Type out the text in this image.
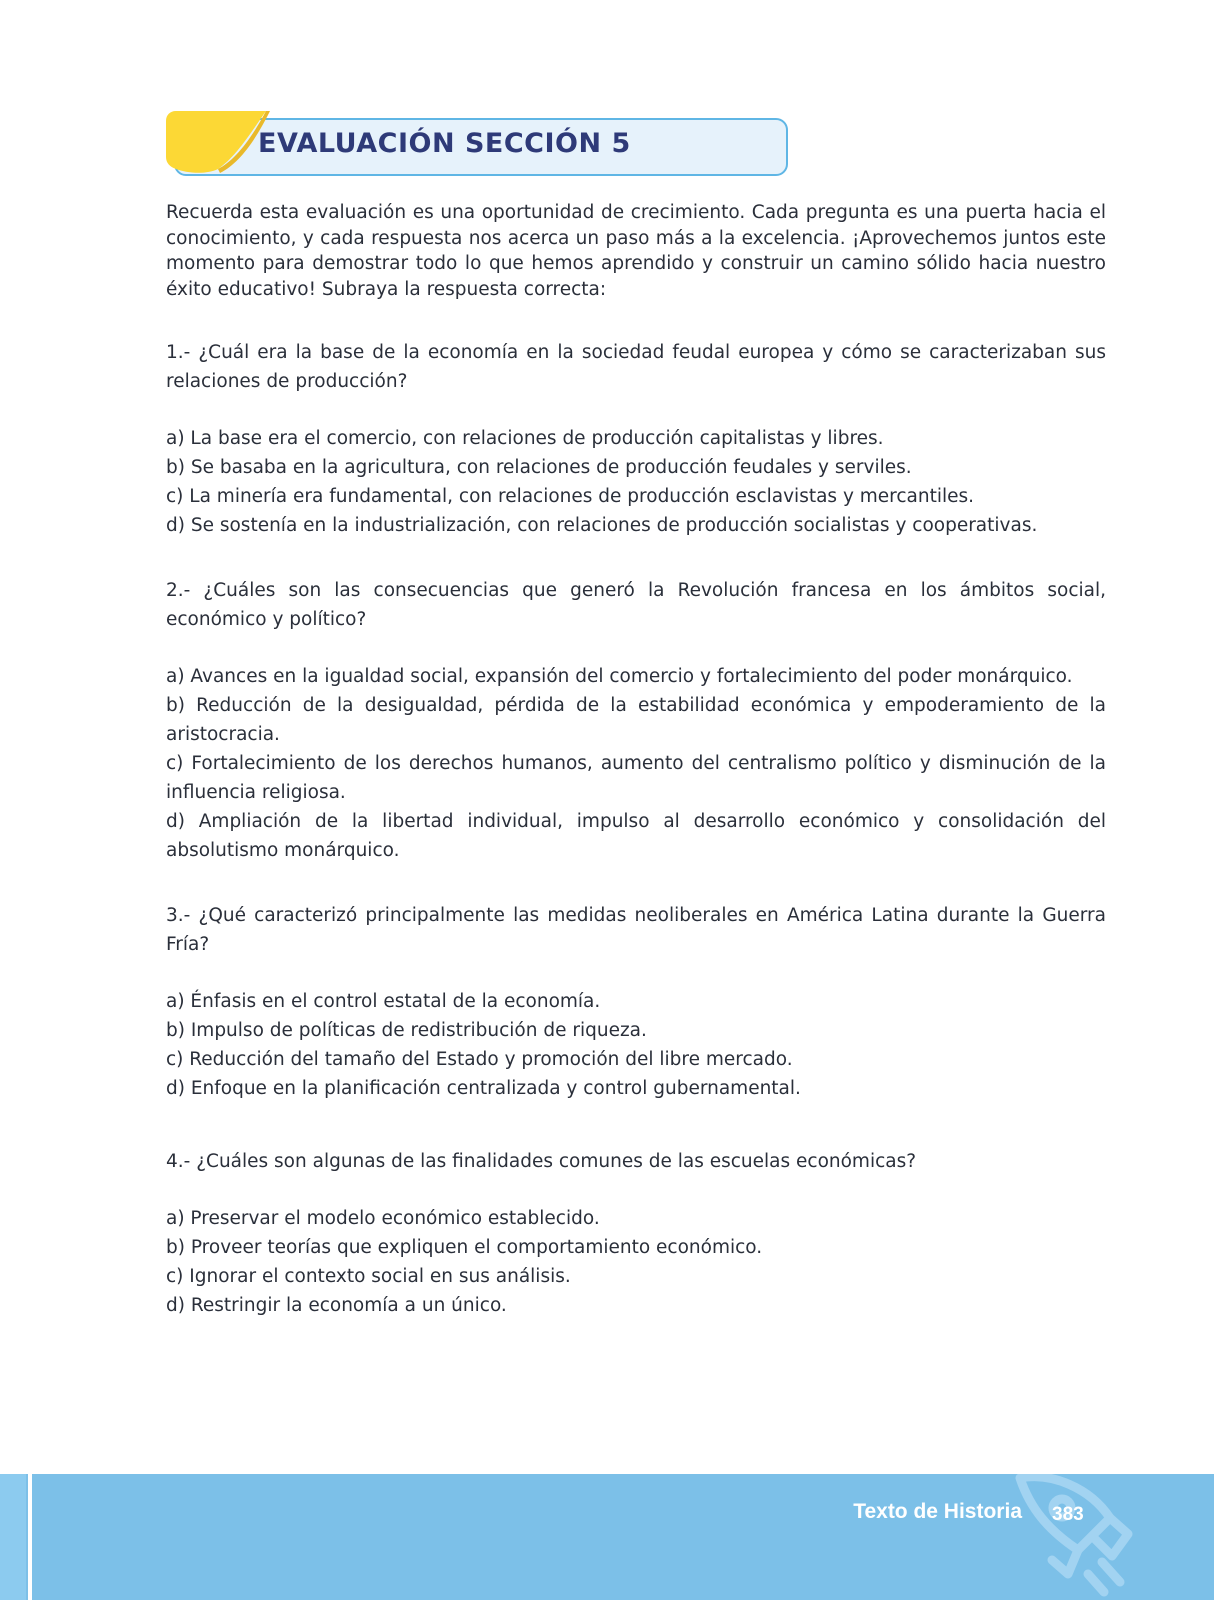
EVALUACIÓN SECCIÓN 5

Recuerda esta evaluación es una oportunidad de crecimiento. Cada pregunta es una puerta hacia el conocimiento, y cada respuesta nos acerca un paso más a la excelencia. ¡Aprovechemos juntos este momento para demostrar todo lo que hemos aprendido y construir un camino sólido hacia nuestro éxito educativo! Subraya la respuesta correcta:

1.- ¿Cuál era la base de la economía en la sociedad feudal europea y cómo se caracterizaban sus relaciones de producción?

a) La base era el comercio, con relaciones de producción capitalistas y libres.
b) Se basaba en la agricultura, con relaciones de producción feudales y serviles.
c) La minería era fundamental, con relaciones de producción esclavistas y mercantiles.
d) Se sostenía en la industrialización, con relaciones de producción socialistas y cooperativas.

2.- ¿Cuáles son las consecuencias que generó la Revolución francesa en los ámbitos social, económico y político?

a) Avances en la igualdad social, expansión del comercio y fortalecimiento del poder monárquico.
b) Reducción de la desigualdad, pérdida de la estabilidad económica y empoderamiento de la aristocracia.
c) Fortalecimiento de los derechos humanos, aumento del centralismo político y disminución de la influencia religiosa.
d) Ampliación de la libertad individual, impulso al desarrollo económico y consolidación del absolutismo monárquico.

3.- ¿Qué caracterizó principalmente las medidas neoliberales en América Latina durante la Guerra Fría?

a) Énfasis en el control estatal de la economía.
b) Impulso de políticas de redistribución de riqueza.
c) Reducción del tamaño del Estado y promoción del libre mercado.
d) Enfoque en la planificación centralizada y control gubernamental.

4.- ¿Cuáles son algunas de las finalidades comunes de las escuelas económicas?

a) Preservar el modelo económico establecido.
b) Proveer teorías que expliquen el comportamiento económico.
c) Ignorar el contexto social en sus análisis.
d) Restringir la economía a un único.
Texto de Historia 383
